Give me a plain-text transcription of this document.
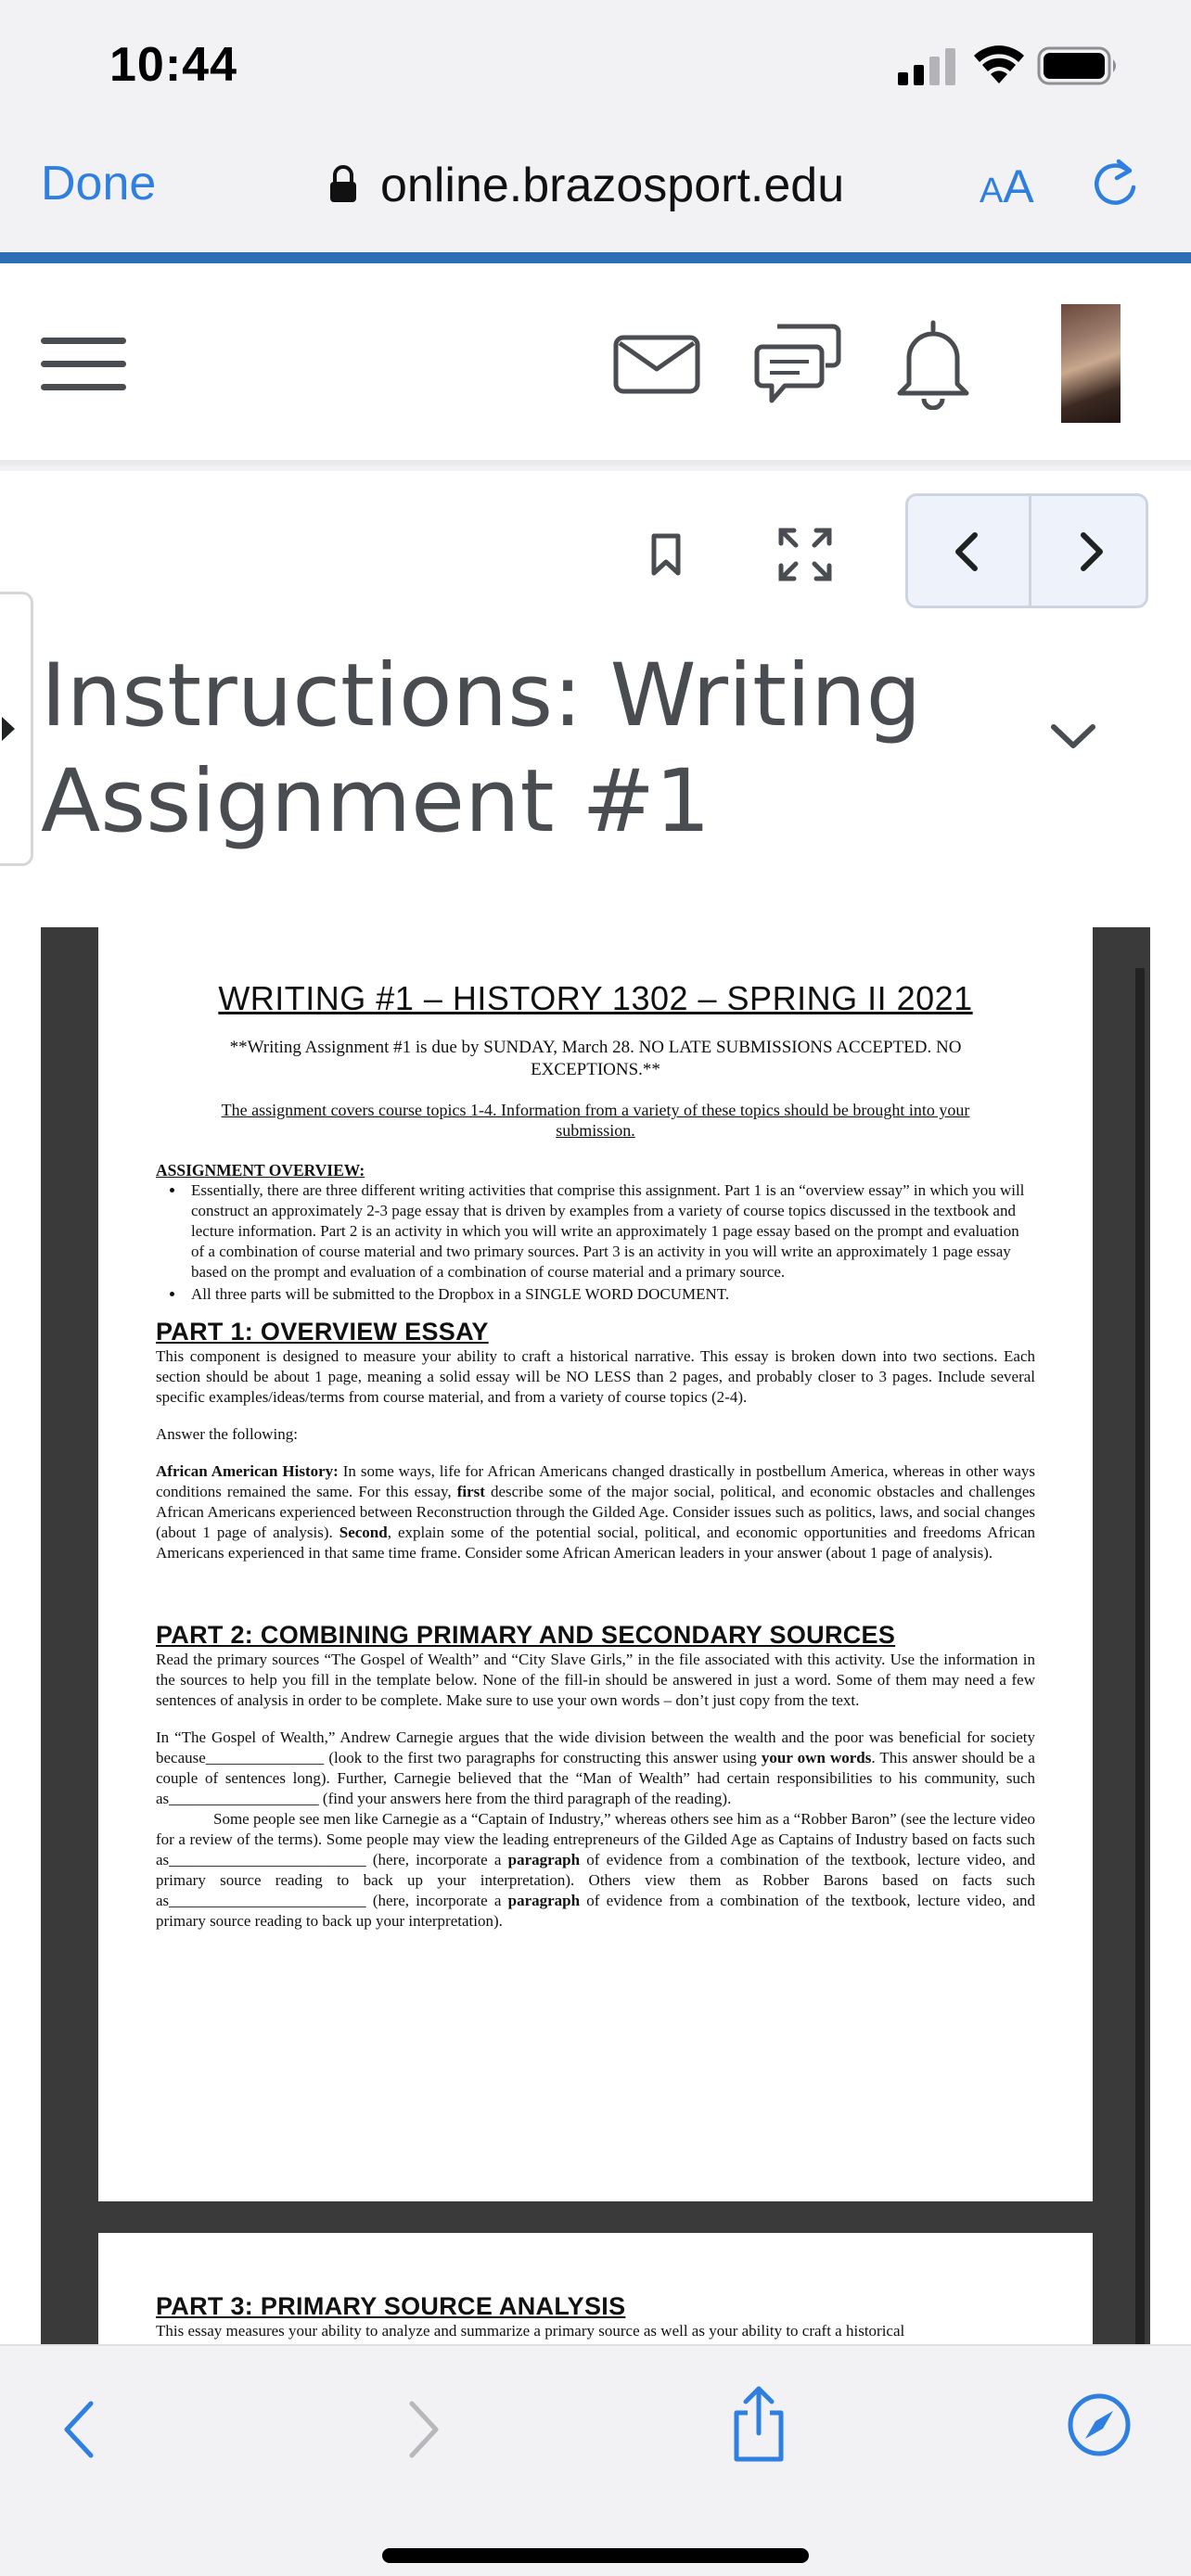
10:44
Done	online.brazosport.edu	AA
Instructions: Writing Assignment #1
WRITING #1 – HISTORY 1302 – SPRING II 2021
**Writing Assignment #1 is due by SUNDAY, March 28. NO LATE SUBMISSIONS ACCEPTED. NO EXCEPTIONS.**
The assignment covers course topics 1-4. Information from a variety of these topics should be brought into your submission.
ASSIGNMENT OVERVIEW:
• Essentially, there are three different writing activities that comprise this assignment. Part 1 is an “overview essay” in which you will construct an approximately 2-3 page essay that is driven by examples from a variety of course topics discussed in the textbook and lecture information. Part 2 is an activity in which you will write an approximately 1 page essay based on the prompt and evaluation of a combination of course material and two primary sources. Part 3 is an activity in you will write an approximately 1 page essay based on the prompt and evaluation of a combination of course material and a primary source.
• All three parts will be submitted to the Dropbox in a SINGLE WORD DOCUMENT.
PART 1: OVERVIEW ESSAY
This component is designed to measure your ability to craft a historical narrative. This essay is broken down into two sections. Each section should be about 1 page, meaning a solid essay will be NO LESS than 2 pages, and probably closer to 3 pages. Include several specific examples/ideas/terms from course material, and from a variety of course topics (2-4).
Answer the following:
African American History: In some ways, life for African Americans changed drastically in postbellum America, whereas in other ways conditions remained the same. For this essay, first describe some of the major social, political, and economic obstacles and challenges African Americans experienced between Reconstruction through the Gilded Age. Consider issues such as politics, laws, and social changes (about 1 page of analysis). Second, explain some of the potential social, political, and economic opportunities and freedoms African Americans experienced in that same time frame. Consider some African American leaders in your answer (about 1 page of analysis).
PART 2: COMBINING PRIMARY AND SECONDARY SOURCES
Read the primary sources “The Gospel of Wealth” and “City Slave Girls,” in the file associated with this activity. Use the information in the sources to help you fill in the template below. None of the fill-in should be answered in just a word. Some of them may need a few sentences of analysis in order to be complete. Make sure to use your own words – don’t just copy from the text.
In “The Gospel of Wealth,” Andrew Carnegie argues that the wide division between the wealth and the poor was beneficial for society because_______________ (look to the first two paragraphs for constructing this answer using your own words. This answer should be a couple of sentences long). Further, Carnegie believed that the “Man of Wealth” had certain responsibilities to his community, such as___________________ (find your answers here from the third paragraph of the reading).
Some people see men like Carnegie as a “Captain of Industry,” whereas others see him as a “Robber Baron” (see the lecture video for a review of the terms). Some people may view the leading entrepreneurs of the Gilded Age as Captains of Industry based on facts such as_________________________ (here, incorporate a paragraph of evidence from a combination of the textbook, lecture video, and primary source reading to back up your interpretation). Others view them as Robber Barons based on facts such as_________________________ (here, incorporate a paragraph of evidence from a combination of the textbook, lecture video, and primary source reading to back up your interpretation).
PART 3: PRIMARY SOURCE ANALYSIS
This essay measures your ability to analyze and summarize a primary source as well as your ability to craft a historical
